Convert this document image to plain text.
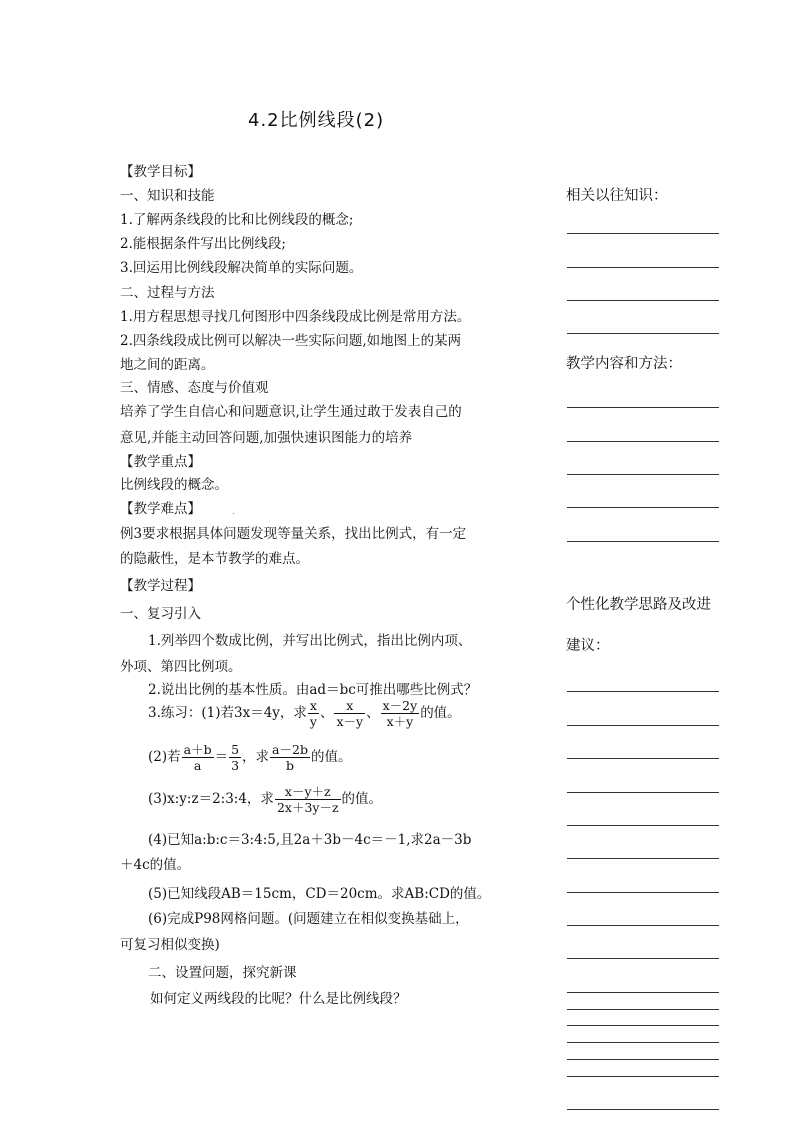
4.2比例线段(2)
【教学目标】
一、知识和技能
1.了解两条线段的比和比例线段的概念;
2.能根据条件写出比例线段;
3.回运用比例线段解决简单的实际问题。
二、过程与方法
1.用方程思想寻找几何图形中四条线段成比例是常用方法。
2.四条线段成比例可以解决一些实际问题,如地图上的某两
地之间的距离。
三、情感、态度与价值观
培养了学生自信心和问题意识,让学生通过敢于发表自己的
意见,并能主动回答问题,加强快速识图能力的培养
【教学重点】
比例线段的概念。
【教学难点】
例3要求根据具体问题发现等量关系，找出比例式，有一定
的隐蔽性，是本节教学的难点。
【教学过程】
一、复习引入
1.列举四个数成比例，并写出比例式，指出比例内项、
外项、第四比例项。
2.说出比例的基本性质。由ad＝bc可推出哪些比例式？
3.练习：(1)若3x＝4y，求 $\frac{x}{y}$ 、 $\frac{x}{x-y}$ 、 $\frac{x-2y}{x+y}$ 的值。
(2)若 $\frac{a+b}{a} = \frac{5}{3}$ ，求 $\frac{a-2b}{b}$ 的值。
(3)x:y:z＝2:3:4，求 $\frac{x-y+z}{2x+3y-z}$ 的值。
(4)已知a:b:c＝3:4:5,且2a＋3b－4c＝－1,求2a－3b
＋4c的值。
(5)已知线段AB＝15cm，CD＝20cm。求AB:CD的值。
(6)完成P98网格问题。(问题建立在相似变换基础上，
可复习相似变换)
二、设置问题，探究新课
如何定义两线段的比呢？什么是比例线段？
.
相关以往知识：
教学内容和方法：
个性化教学思路及改进
建议：
